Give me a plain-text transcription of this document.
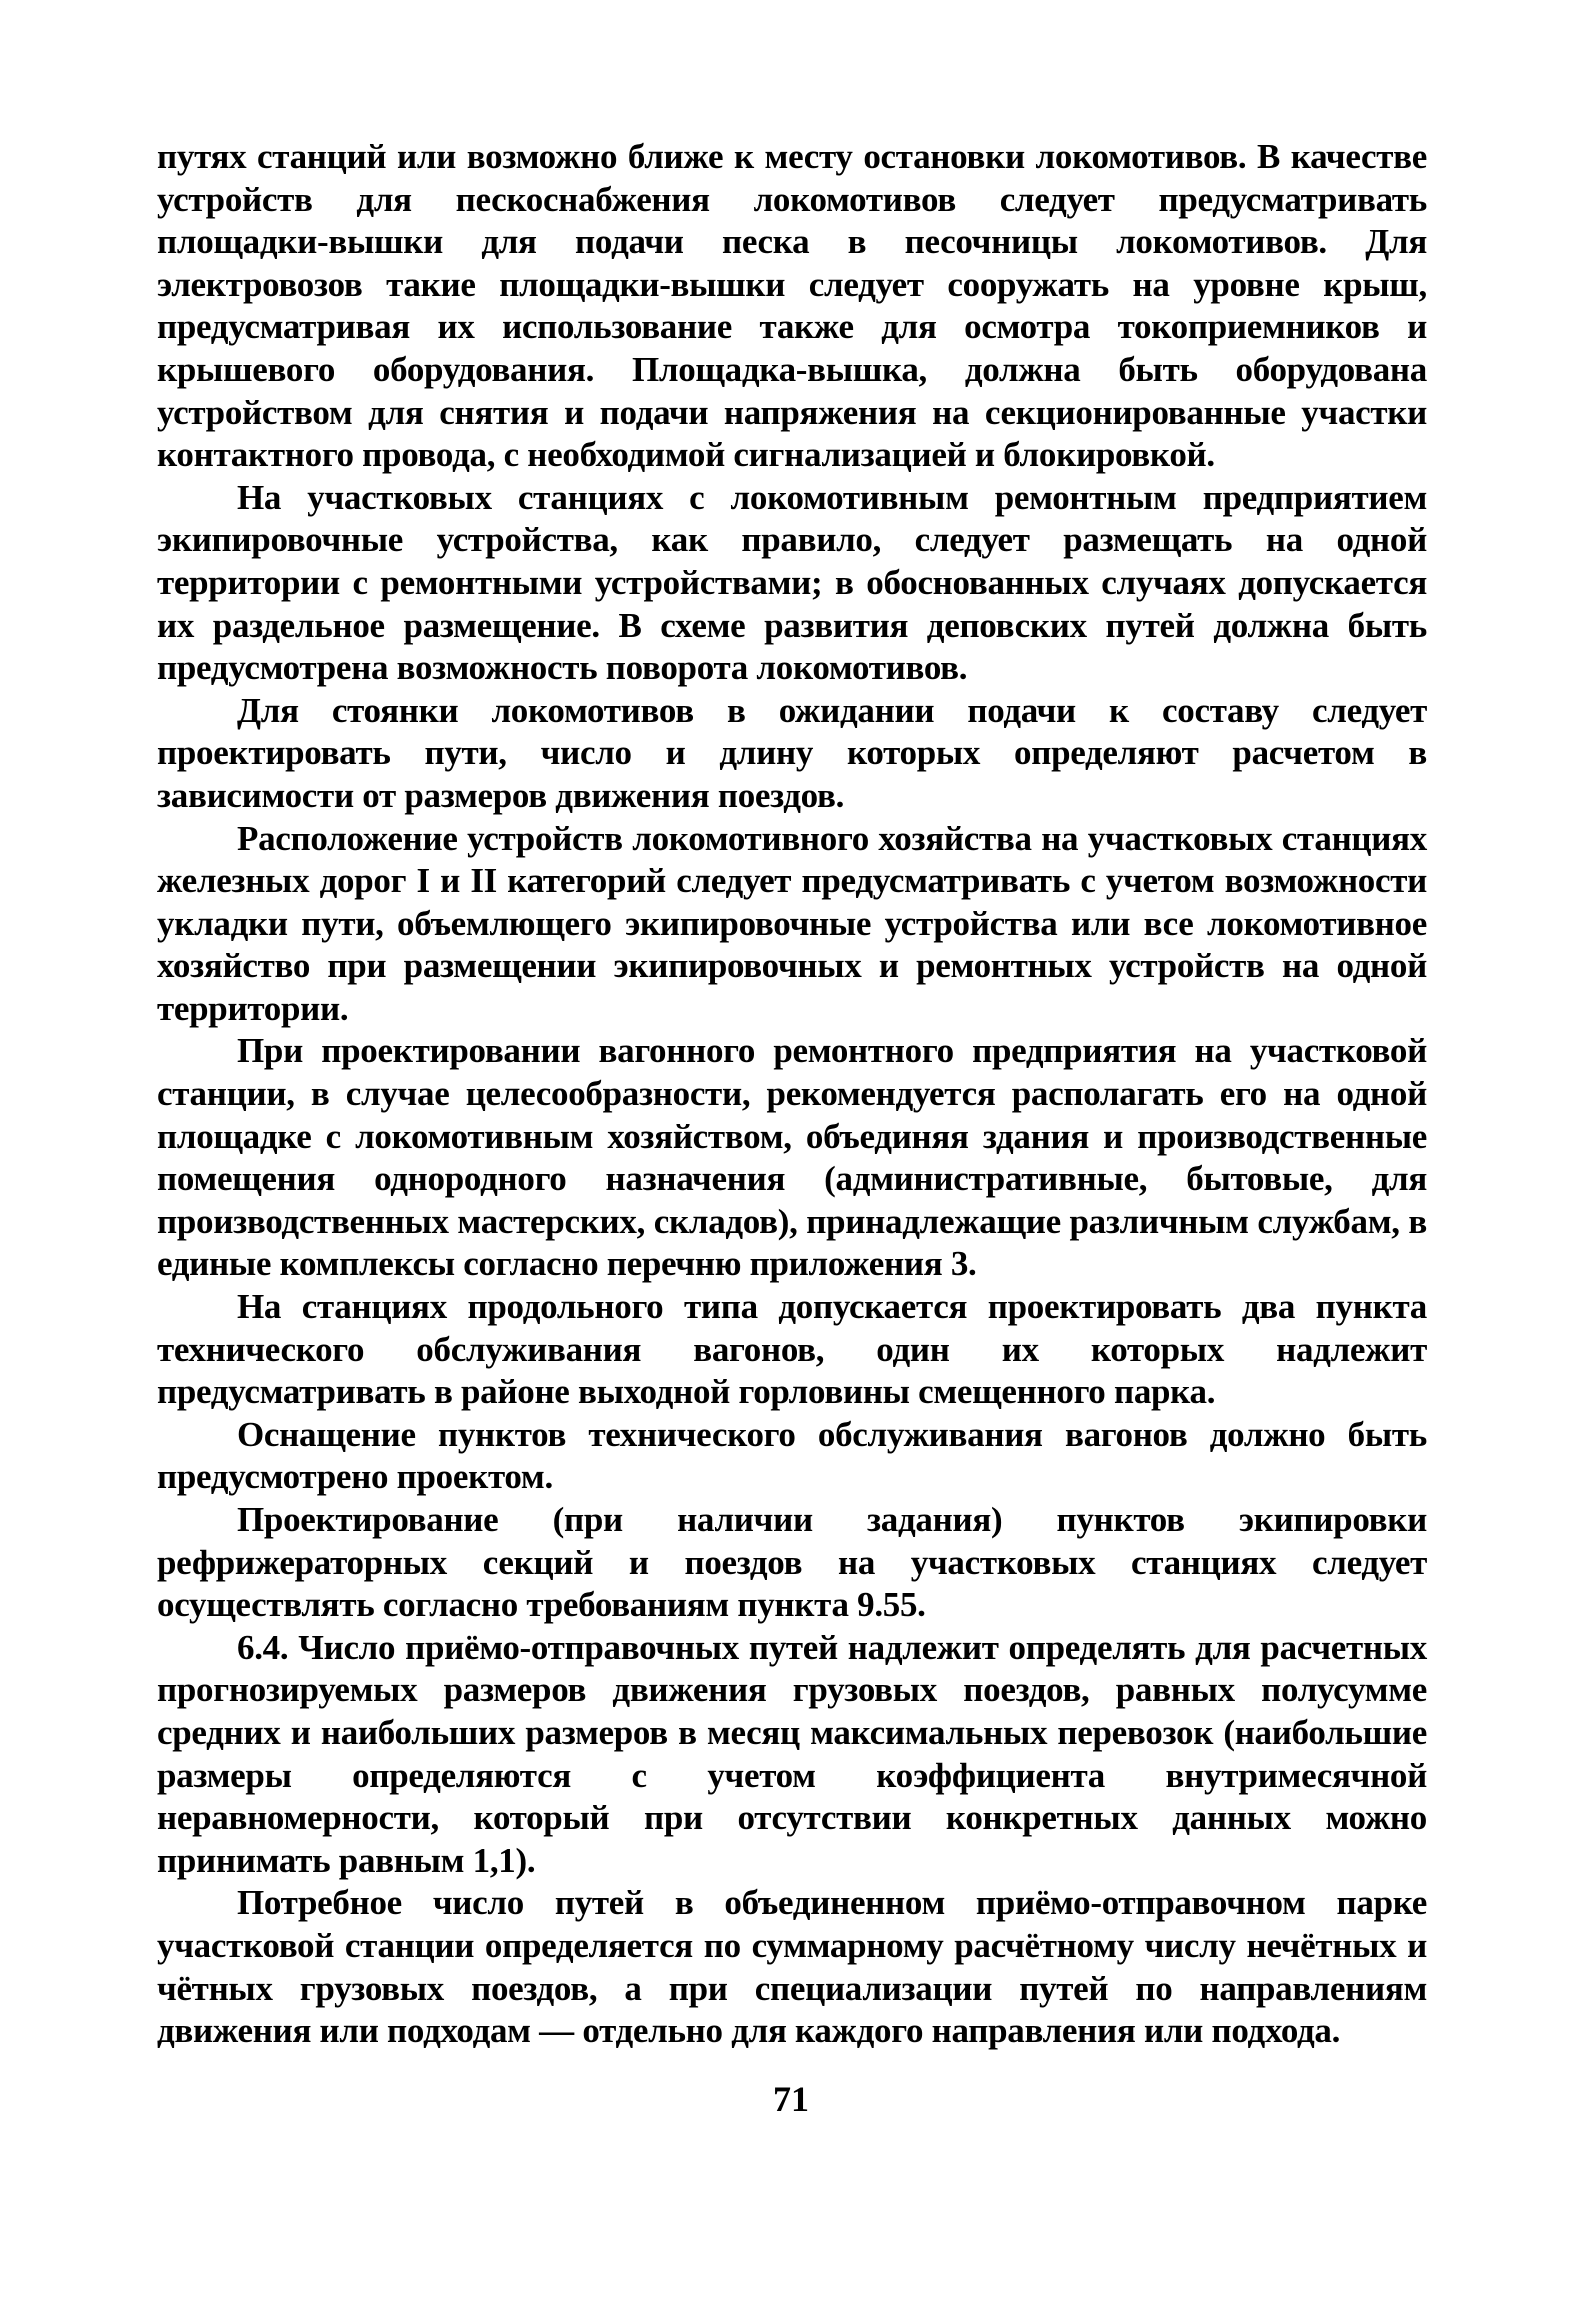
путях станций или возможно ближе к месту остановки локомотивов. В качестве устройств для пескоснабжения локомотивов следует предусматривать площадки-вышки для подачи песка в песочницы локомотивов. Для электровозов такие площадки-вышки следует сооружать на уровне крыш, предусматривая их использование также для осмотра токоприемников и крышевого оборудования. Площадка-вышка, должна быть оборудована устройством для снятия и подачи напряжения на секционированные участки контактного провода, с необходимой сигнализацией и блокировкой.

На участковых станциях с локомотивным ремонтным предприятием экипировочные устройства, как правило, следует размещать на одной территории с ремонтными устройствами; в обоснованных случаях допускается их раздельное размещение. В схеме развития деповских путей должна быть предусмотрена возможность поворота локомотивов.

Для стоянки локомотивов в ожидании подачи к составу следует проектировать пути, число и длину которых определяют расчетом в зависимости от размеров движения поездов.

Расположение устройств локомотивного хозяйства на участковых станциях железных дорог I и II категорий следует предусматривать с учетом возможности укладки пути, объемлющего экипировочные устройства или все локомотивное хозяйство при размещении экипировочных и ремонтных устройств на одной территории.

При проектировании вагонного ремонтного предприятия на участковой станции, в случае целесообразности, рекомендуется располагать его на одной площадке с локомотивным хозяйством, объединяя здания и производственные помещения однородного назначения (административные, бытовые, для производственных мастерских, складов), принадлежащие различным службам, в единые комплексы согласно перечню приложения 3.

На станциях продольного типа допускается проектировать два пункта технического обслуживания вагонов, один их которых надлежит предусматривать в районе выходной горловины смещенного парка.

Оснащение пунктов технического обслуживания вагонов должно быть предусмотрено проектом.

Проектирование (при наличии задания) пунктов экипировки рефрижераторных секций и поездов на участковых станциях следует осуществлять согласно требованиям пункта 9.55.

6.4. Число приёмо-отправочных путей надлежит определять для расчетных прогнозируемых размеров движения грузовых поездов, равных полусумме средних и наибольших размеров в месяц максимальных перевозок (наибольшие размеры определяются с учетом коэффициента внутримесячной неравномерности, который при отсутствии конкретных данных можно принимать равным 1,1).

Потребное число путей в объединенном приёмо-отправочном парке участковой станции определяется по суммарному расчётному числу нечётных и чётных грузовых поездов, а при специализации путей по направлениям движения или подходам — отдельно для каждого направления или подхода.

71
